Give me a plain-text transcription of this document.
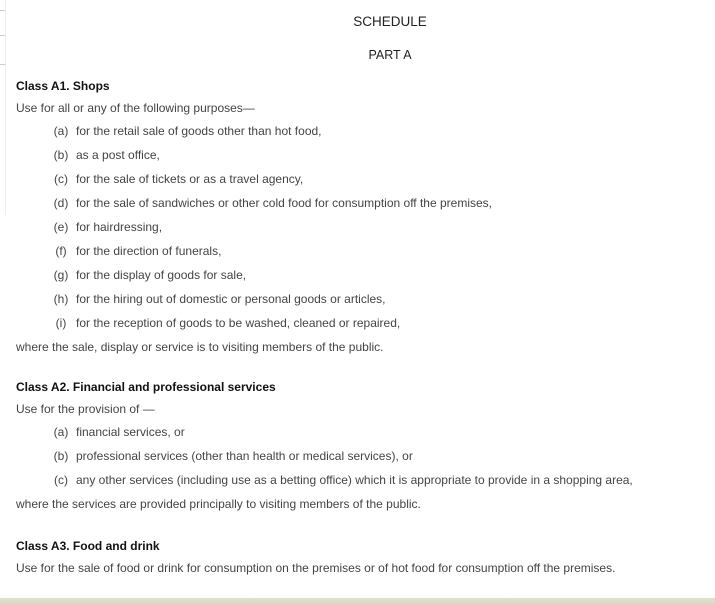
SCHEDULE
PART A
Class A1. Shops
Use for all or any of the following purposes—
(a) for the retail sale of goods other than hot food,
(b) as a post office,
(c) for the sale of tickets or as a travel agency,
(d) for the sale of sandwiches or other cold food for consumption off the premises,
(e) for hairdressing,
(f) for the direction of funerals,
(g) for the display of goods for sale,
(h) for the hiring out of domestic or personal goods or articles,
(i) for the reception of goods to be washed, cleaned or repaired,
where the sale, display or service is to visiting members of the public.
Class A2. Financial and professional services
Use for the provision of —
(a) financial services, or
(b) professional services (other than health or medical services), or
(c) any other services (including use as a betting office) which it is appropriate to provide in a shopping area,
where the services are provided principally to visiting members of the public.
Class A3. Food and drink
Use for the sale of food or drink for consumption on the premises or of hot food for consumption off the premises.
